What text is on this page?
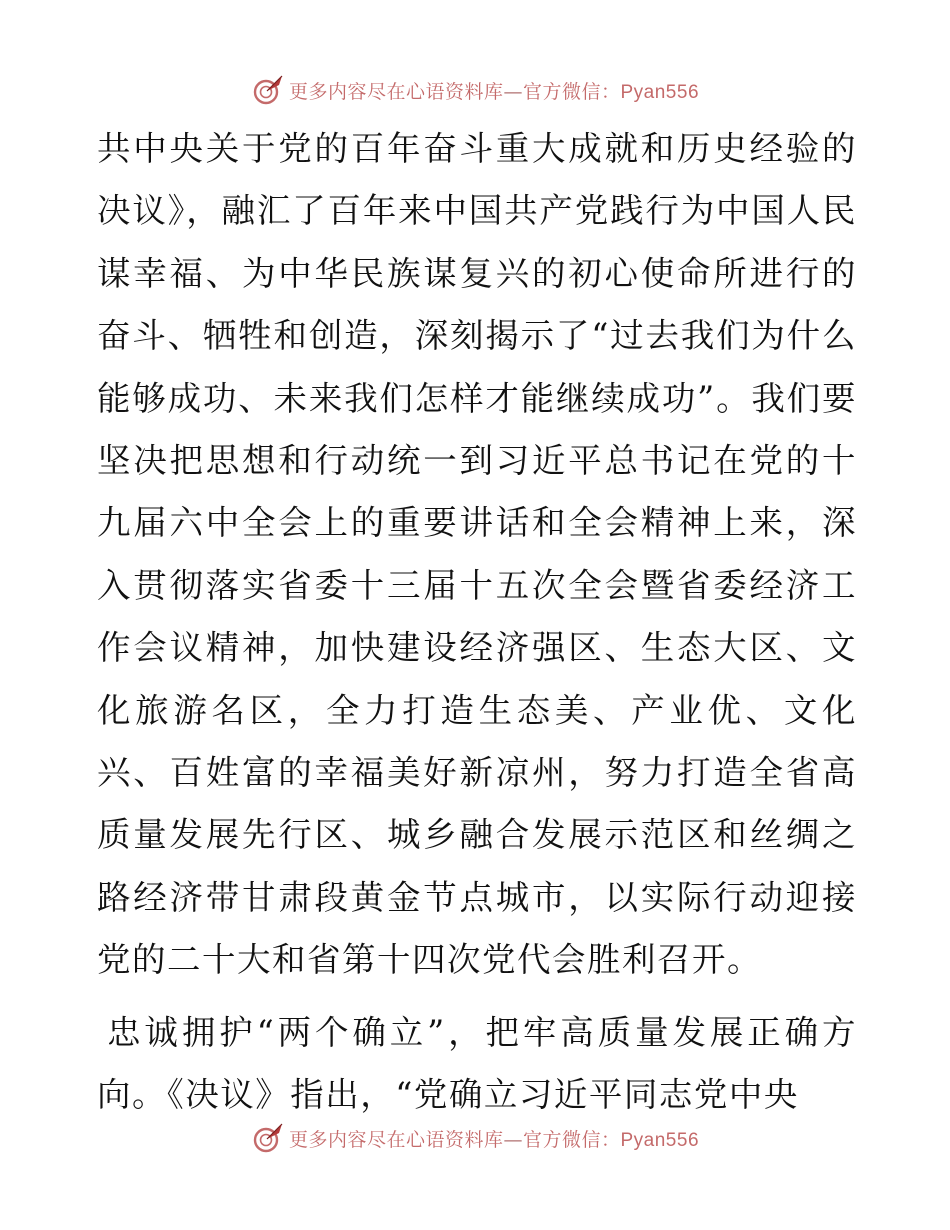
更多内容尽在心语资料库—官方微信：Pyan556

共中央关于党的百年奋斗重大成就和历史经验的决议》，融汇了百年来中国共产党践行为中国人民谋幸福、为中华民族谋复兴的初心使命所进行的奋斗、牺牲和创造，深刻揭示了“过去我们为什么能够成功、未来我们怎样才能继续成功”。我们要坚决把思想和行动统一到习近平总书记在党的十九届六中全会上的重要讲话和全会精神上来，深入贯彻落实省委十三届十五次全会暨省委经济工作会议精神，加快建设经济强区、生态大区、文化旅游名区，全力打造生态美、产业优、文化兴、百姓富的幸福美好新凉州，努力打造全省高质量发展先行区、城乡融合发展示范区和丝绸之路经济带甘肃段黄金节点城市，以实际行动迎接党的二十大和省第十四次党代会胜利召开。

忠诚拥护“两个确立”，把牢高质量发展正确方向。《决议》指出，“党确立习近平同志党中央

更多内容尽在心语资料库—官方微信：Pyan556
